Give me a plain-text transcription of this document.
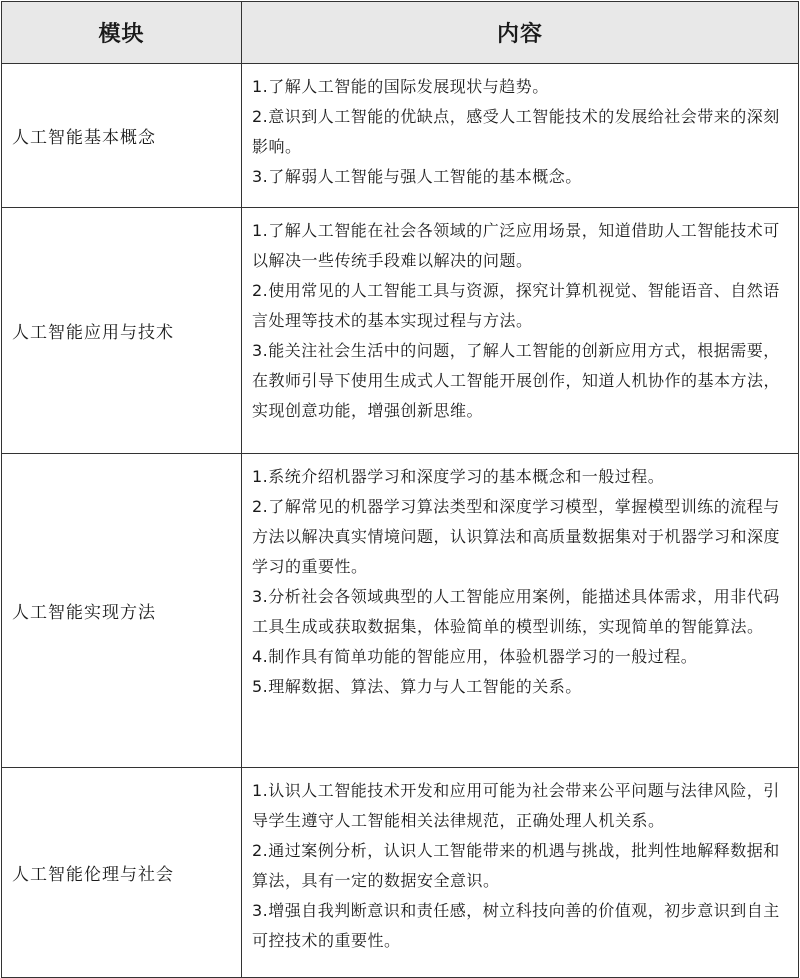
模块	内容
人工智能基本概念	1.了解人工智能的国际发展现状与趋势。

2.意识到人工智能的优缺点，感受人工智能技术的发展给社会带来的深刻影响。

3.了解弱人工智能与强人工智能的基本概念。

人工智能应用与技术	1.了解人工智能在社会各领域的广泛应用场景，知道借助人工智能技术可以解决一些传统手段难以解决的问题。

2.使用常见的人工智能工具与资源，探究计算机视觉、智能语音、自然语言处理等技术的基本实现过程与方法。

3.能关注社会生活中的问题，了解人工智能的创新应用方式，根据需要，在教师引导下使用生成式人工智能开展创作，知道人机协作的基本方法，实现创意功能，增强创新思维。

人工智能实现方法	1.系统介绍机器学习和深度学习的基本概念和一般过程。

2.了解常见的机器学习算法类型和深度学习模型，掌握模型训练的流程与方法以解决真实情境问题，认识算法和高质量数据集对于机器学习和深度学习的重要性。

3.分析社会各领域典型的人工智能应用案例，能描述具体需求，用非代码工具生成或获取数据集，体验简单的模型训练，实现简单的智能算法。

4.制作具有简单功能的智能应用，体验机器学习的一般过程。

5.理解数据、算法、算力与人工智能的关系。

人工智能伦理与社会	1.认识人工智能技术开发和应用可能为社会带来公平问题与法律风险，引导学生遵守人工智能相关法律规范，正确处理人机关系。

2.通过案例分析，认识人工智能带来的机遇与挑战，批判性地解释数据和算法，具有一定的数据安全意识。

3.增强自我判断意识和责任感，树立科技向善的价值观，初步意识到自主可控技术的重要性。
